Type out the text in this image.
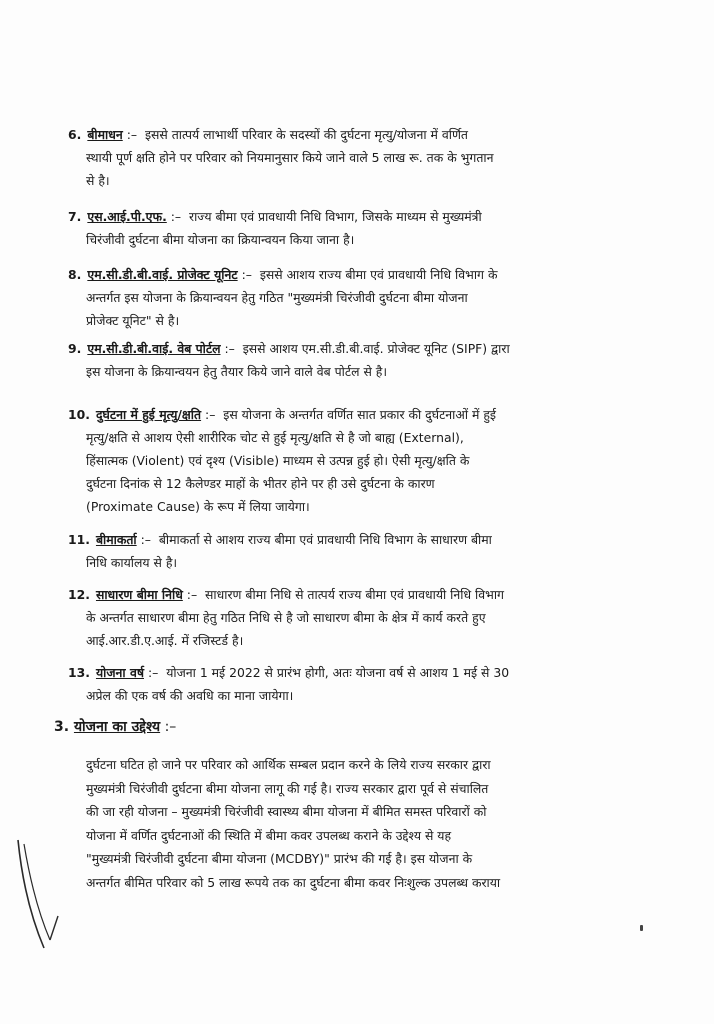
6. बीमाधन :– इससे तात्पर्य लाभार्थी परिवार के सदस्यों की दुर्घटना मृत्यु/योजना में वर्णित
स्थायी पूर्ण क्षति होने पर परिवार को नियमानुसार किये जाने वाले 5 लाख रू. तक के भुगतान
से है।
7. एस.आई.पी.एफ. :– राज्य बीमा एवं प्रावधायी निधि विभाग, जिसके माध्यम से मुख्यमंत्री
चिरंजीवी दुर्घटना बीमा योजना का क्रियान्वयन किया जाना है।
8. एम.सी.डी.बी.वाई. प्रोजेक्ट यूनिट :– इससे आशय राज्य बीमा एवं प्रावधायी निधि विभाग के
अन्तर्गत इस योजना के क्रियान्वयन हेतु गठित "मुख्यमंत्री चिरंजीवी दुर्घटना बीमा योजना
प्रोजेक्ट यूनिट" से है।
9. एम.सी.डी.बी.वाई. वेब पोर्टल :– इससे आशय एम.सी.डी.बी.वाई. प्रोजेक्ट यूनिट (SIPF) द्वारा
इस योजना के क्रियान्वयन हेतु तैयार किये जाने वाले वेब पोर्टल से है।
10. दुर्घटना में हुई मृत्यु/क्षति :– इस योजना के अन्तर्गत वर्णित सात प्रकार की दुर्घटनाओं में हुई
मृत्यु/क्षति से आशय ऐसी शारीरिक चोट से हुई मृत्यु/क्षति से है जो बाह्य (External),
हिंसात्मक (Violent) एवं दृश्य (Visible) माध्यम से उत्पन्न हुई हो। ऐसी मृत्यु/क्षति के
दुर्घटना दिनांक से 12 कैलेण्डर माहों के भीतर होने पर ही उसे दुर्घटना के कारण
(Proximate Cause) के रूप में लिया जायेगा।
11. बीमाकर्ता :– बीमाकर्ता से आशय राज्य बीमा एवं प्रावधायी निधि विभाग के साधारण बीमा
निधि कार्यालय से है।
12. साधारण बीमा निधि :– साधारण बीमा निधि से तात्पर्य राज्य बीमा एवं प्रावधायी निधि विभाग
के अन्तर्गत साधारण बीमा हेतु गठित निधि से है जो साधारण बीमा के क्षेत्र में कार्य करते हुए
आई.आर.डी.ए.आई. में रजिस्टर्ड है।
13. योजना वर्ष :– योजना 1 मई 2022 से प्रारंभ होगी, अतः योजना वर्ष से आशय 1 मई से 30
अप्रेल की एक वर्ष की अवधि का माना जायेगा।
3. योजना का उद्देश्य :–
दुर्घटना घटित हो जाने पर परिवार को आर्थिक सम्बल प्रदान करने के लिये राज्य सरकार द्वारा
मुख्यमंत्री चिरंजीवी दुर्घटना बीमा योजना लागू की गई है। राज्य सरकार द्वारा पूर्व से संचालित
की जा रही योजना – मुख्यमंत्री चिरंजीवी स्वास्थ्य बीमा योजना में बीमित समस्त परिवारों को
योजना में वर्णित दुर्घटनाओं की स्थिति में बीमा कवर उपलब्ध कराने के उद्देश्य से यह
"मुख्यमंत्री चिरंजीवी दुर्घटना बीमा योजना (MCDBY)" प्रारंभ की गई है। इस योजना के
अन्तर्गत बीमित परिवार को 5 लाख रूपये तक का दुर्घटना बीमा कवर निःशुल्क उपलब्ध कराया
